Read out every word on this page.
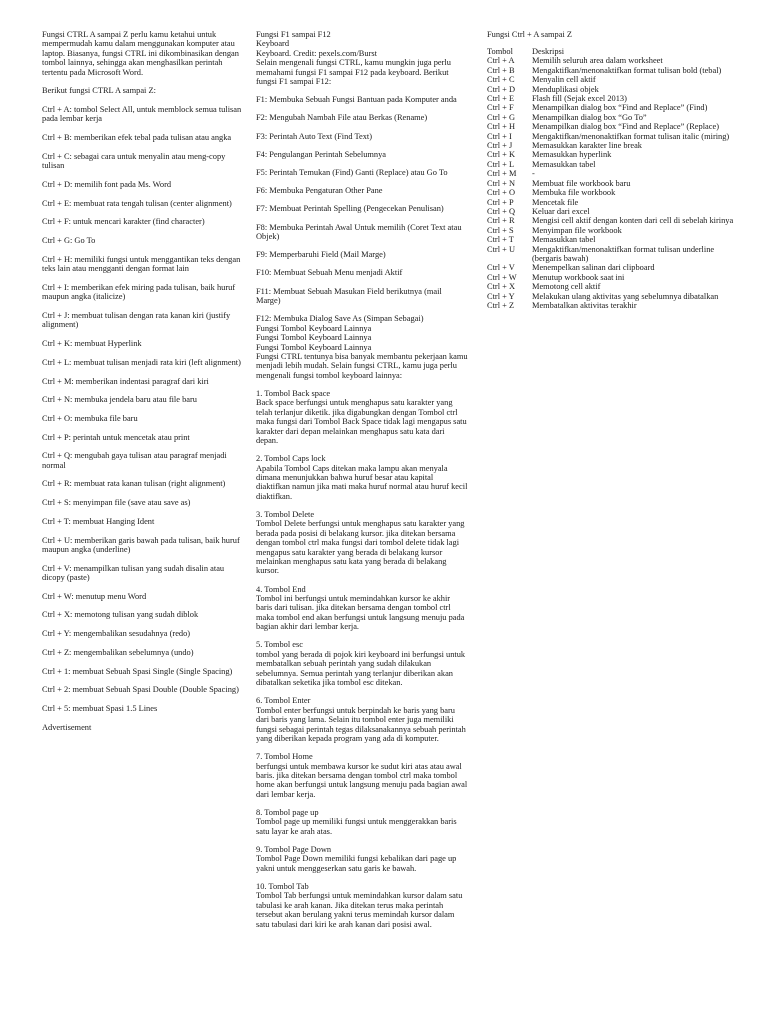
Fungsi CTRL A sampai Z perlu kamu ketahui untuk mempermudah kamu dalam menggunakan komputer atau laptop. Biasanya, fungsi CTRL ini dikombinasikan dengan tombol lainnya, sehingga akan menghasilkan perintah tertentu pada Microsoft Word.

Berikut fungsi CTRL A sampai Z:

Ctrl + A: tombol Select All, untuk memblock semua tulisan pada lembar kerja

Ctrl + B: memberikan efek tebal pada tulisan atau angka

Ctrl + C: sebagai cara untuk menyalin atau meng-copy tulisan

Ctrl + D: memilih font pada Ms. Word

Ctrl + E: membuat rata tengah tulisan (center alignment)

Ctrl + F: untuk mencari karakter (find character)

Ctrl + G: Go To

Ctrl + H: memiliki fungsi untuk menggantikan teks dengan teks lain atau mengganti dengan format lain

Ctrl + I: memberikan efek miring pada tulisan, baik huruf maupun angka (italicize)

Ctrl + J: membuat tulisan dengan rata kanan kiri (justify alignment)

Ctrl + K: membuat Hyperlink

Ctrl + L: membuat tulisan menjadi rata kiri (left alignment)

Ctrl + M: memberikan indentasi paragraf dari kiri

Ctrl + N: membuka jendela baru atau file baru

Ctrl + O: membuka file baru

Ctrl + P: perintah untuk mencetak atau print

Ctrl + Q: mengubah gaya tulisan atau paragraf menjadi normal

Ctrl + R: membuat rata kanan tulisan (right alignment)

Ctrl + S: menyimpan file (save atau save as)

Ctrl + T: membuat Hanging Ident

Ctrl + U: memberikan garis bawah pada tulisan, baik huruf maupun angka (underline)

Ctrl + V: menampilkan tulisan yang sudah disalin atau dicopy (paste)

Ctrl + W: menutup menu Word

Ctrl + X: memotong tulisan yang sudah diblok

Ctrl + Y: mengembalikan sesudahnya (redo)

Ctrl + Z: mengembalikan sebelumnya (undo)

Ctrl + 1: membuat Sebuah Spasi Single (Single Spacing)

Ctrl + 2: membuat Sebuah Spasi Double (Double Spacing)

Ctrl + 5: membuat Spasi 1.5 Lines

Advertisement

Fungsi F1 sampai F12

Keyboard

Keyboard. Credit: pexels.com/Burst

Selain mengenali fungsi CTRL, kamu mungkin juga perlu memahami fungsi F1 sampai F12 pada keyboard. Berikut fungsi F1 sampai F12:

F1: Membuka Sebuah Fungsi Bantuan pada Komputer anda

F2: Mengubah Nambah File atau Berkas (Rename)

F3: Perintah Auto Text (Find Text)

F4: Pengulangan Perintah Sebelumnya

F5: Perintah Temukan (Find) Ganti (Replace) atau Go To

F6: Membuka Pengaturan Other Pane

F7: Membuat Perintah Spelling (Pengecekan Penulisan)

F8: Membuka Perintah Awal Untuk memilih (Coret Text atau Objek)

F9: Memperbaruhi Field (Mail Marge)

F10: Membuat Sebuah Menu menjadi Aktif

F11: Membuat Sebuah Masukan Field berikutnya (mail Marge)

F12: Membuka Dialog Save As (Simpan Sebagai)

Fungsi Tombol Keyboard Lainnya

Fungsi Tombol Keyboard Lainnya

Fungsi Tombol Keyboard Lainnya

Fungsi CTRL tentunya bisa banyak membantu pekerjaan kamu menjadi lebih mudah. Selain fungsi CTRL, kamu juga perlu mengenali fungsi tombol keyboard lainnya:

1. Tombol Back space

Back space berfungsi untuk menghapus satu karakter yang telah terlanjur diketik. jika digabungkan dengan Tombol ctrl maka fungsi dari Tombol Back Space tidak lagi mengapus satu karakter dari depan melainkan menghapus satu kata dari depan.

2. Tombol Caps lock

Apabila Tombol Caps ditekan maka lampu akan menyala dimana menunjukkan bahwa huruf besar atau kapital diaktifkan namun jika mati maka huruf normal atau huruf kecil diaktifkan.

3. Tombol Delete

Tombol Delete berfungsi untuk menghapus satu karakter yang berada pada posisi di belakang kursor. jika ditekan bersama dengan tombol ctrl maka fungsi dari tombol delete tidak lagi mengapus satu karakter yang berada di belakang kursor melainkan menghapus satu kata yang berada di belakang kursor.

4. Tombol End

Tombol ini berfungsi untuk memindahkan kursor ke akhir baris dari tulisan. jika ditekan bersama dengan tombol ctrl maka tombol end akan berfungsi untuk langsung menuju pada bagian akhir dari lembar kerja.

5. Tombol esc

tombol yang berada di pojok kiri keyboard ini berfungsi untuk membatalkan sebuah perintah yang sudah dilakukan sebelumnya. Semua perintah yang terlanjur diberikan akan dibatalkan seketika jika tombol esc ditekan.

6. Tombol Enter

Tombol enter berfungsi untuk berpindah ke baris yang baru dari baris yang lama. Selain itu tombol enter juga memiliki fungsi sebagai perintah tegas dilaksanakannya sebuah perintah yang diberikan kepada program yang ada di komputer.

7. Tombol Home

berfungsi untuk membawa kursor ke sudut kiri atas atau awal baris. jika ditekan bersama dengan tombol ctrl maka tombol home akan berfungsi untuk langsung menuju pada bagian awal dari lembar kerja.

8. Tombol page up

Tombol page up memiliki fungsi untuk menggerakkan baris satu layar ke arah atas.

9. Tombol Page Down

Tombol Page Down memiliki fungsi kebalikan dari page up yakni untuk menggeserkan satu garis ke bawah.

10. Tombol Tab

Tombol Tab berfungsi untuk memindahkan kursor dalam satu tabulasi ke arah kanan. Jika ditekan terus maka perintah tersebut akan berulang yakni terus memindah kursor dalam satu tabulasi dari kiri ke arah kanan dari posisi awal.

Fungsi Ctrl + A sampai Z

Tombol	Deskripsi
Ctrl + A	Memilih seluruh area dalam worksheet
Ctrl + B	Mengaktifkan/menonaktifkan format tulisan bold (tebal)
Ctrl + C	Menyalin cell aktif
Ctrl + D	Menduplikasi objek
Ctrl + E	Flash fill (Sejak excel 2013)
Ctrl + F	Menampilkan dialog box “Find and Replace” (Find)
Ctrl + G	Menampilkan dialog box “Go To”
Ctrl + H	Menampilkan dialog box “Find and Replace” (Replace)
Ctrl + I	Mengaktifkan/menonaktifkan format tulisan italic (miring)
Ctrl + J	Memasukkan karakter line break
Ctrl + K	Memasukkan hyperlink
Ctrl + L	Memasukkan tabel
Ctrl + M	-
Ctrl + N	Membuat file workbook baru
Ctrl + O	Membuka file workbook
Ctrl + P	Mencetak file
Ctrl + Q	Keluar dari excel
Ctrl + R	Mengisi cell aktif dengan konten dari cell di sebelah kirinya
Ctrl + S	Menyimpan file workbook
Ctrl + T	Memasukkan tabel
Ctrl + U	Mengaktifkan/menonaktifkan format tulisan underline (bergaris bawah)
Ctrl + V	Menempelkan salinan dari clipboard
Ctrl + W	Menutup workbook saat ini
Ctrl + X	Memotong cell aktif
Ctrl + Y	Melakukan ulang aktivitas yang sebelumnya dibatalkan
Ctrl + Z	Membatalkan aktivitas terakhir
